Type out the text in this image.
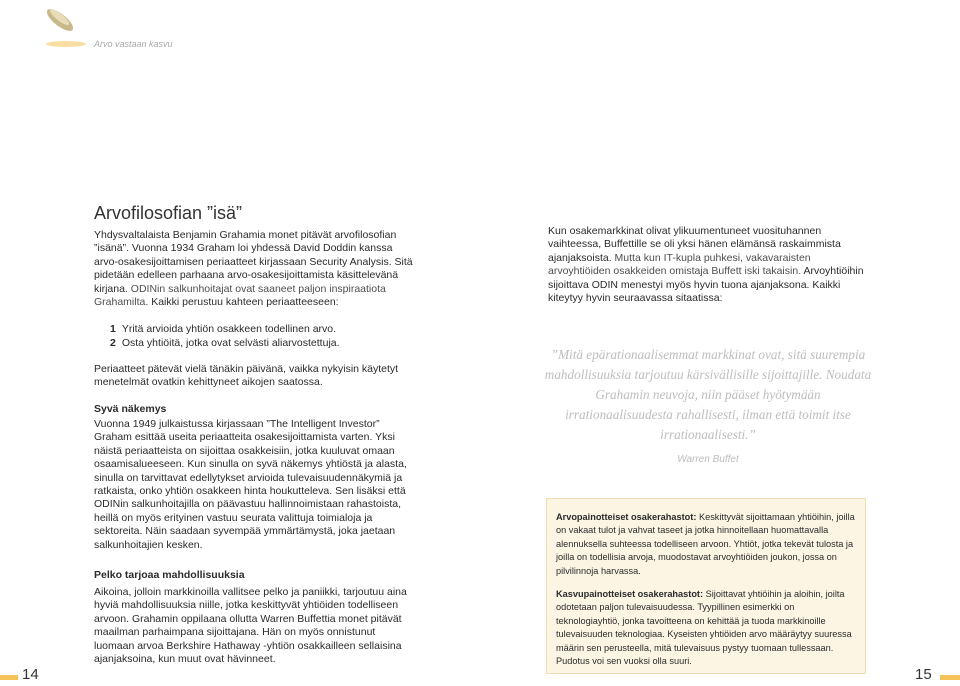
Arvo vastaan kasvu
Arvofilosofian ”isä”

Yhdysvaltalaista Benjamin Grahamia monet pitävät arvofilosofian ”isänä”. Vuonna 1934 Graham loi yhdessä David Doddin kanssa arvo-osakesijoittamisen periaatteet kirjassaan Security Analysis. Sitä pidetään edelleen parhaana arvo-osakesijoittamista käsittelevänä kirjana. ODINin salkunhoitajat ovat saaneet paljon inspiraatiota Grahamilta. Kaikki perustuu kahteen periaatteeseen:

1 Yritä arvioida yhtiön osakkeen todellinen arvo.
2 Osta yhtiöitä, jotka ovat selvästi aliarvostettuja.

Periaatteet pätevät vielä tänäkin päivänä, vaikka nykyisin käytetyt menetelmät ovatkin kehittyneet aikojen saatossa.

Syvä näkemys

Vuonna 1949 julkaistussa kirjassaan ”The Intelligent Investor” Graham esittää useita periaatteita osakesijoittamista varten. Yksi näistä periaatteista on sijoittaa osakkeisiin, jotka kuuluvat omaan osaamisalueeseen. Kun sinulla on syvä näkemys yhtiöstä ja alasta, sinulla on tarvittavat edellytykset arvioida tulevaisuudennäkymiä ja ratkaista, onko yhtiön osakkeen hinta houkutteleva. Sen lisäksi että ODINin salkunhoitajilla on päävastuu hallinnoimistaan rahastoista, heillä on myös erityinen vastuu seurata valittuja toimialoja ja sektoreita. Näin saadaan syvempää ymmärtämystä, joka jaetaan salkunhoitajien kesken.

Pelko tarjoaa mahdollisuuksia

Aikoina, jolloin markkinoilla vallitsee pelko ja paniikki, tarjoutuu aina hyviä mahdollisuuksia niille, jotka keskittyvät yhtiöiden todelliseen arvoon. Grahamin oppilaana ollutta Warren Buffettia monet pitävät maailman parhaimpana sijoittajana. Hän on myös onnistunut luomaan arvoa Berkshire Hathaway -yhtiön osakkailleen sellaisina ajanjaksoina, kun muut ovat hävinneet.

Kun osakemarkkinat olivat ylikuumentuneet vuosituhannen vaihteessa, Buffettille se oli yksi hänen elämänsä raskaimmista ajanjaksoista. Mutta kun IT-kupla puhkesi, vakavaraisten arvoyhtiöiden osakkeiden omistaja Buffett iski takaisin. Arvoyhtiöihin sijoittava ODIN menestyi myös hyvin tuona ajanjaksona. Kaikki kiteytyy hyvin seuraavassa sitaatissa:

”Mitä epärationaalisemmat markkinat ovat, sitä suurempia mahdollisuuksia tarjoutuu kärsivällisille sijoittajille. Noudata Grahamin neuvoja, niin pääset hyötymään irrationaalisuudesta rahallisesti, ilman että toimit itse irrationaalisesti.”
Warren Buffet

Arvopainotteiset osakerahastot: Keskittyvät sijoittamaan yhtiöihin, joilla on vakaat tulot ja vahvat taseet ja jotka hinnoitellaan huomattavalla alennuksella suhteessa todelliseen arvoon. Yhtiöt, jotka tekevät tulosta ja joilla on todellisia arvoja, muodostavat arvoyhtiöiden joukon, jossa on pilvilinnoja harvassa.

Kasvupainotteiset osakerahastot: Sijoittavat yhtiöihin ja aloihin, joilta odotetaan paljon tulevaisuudessa. Tyypillinen esimerkki on teknologiayhtiö, jonka tavoitteena on kehittää ja tuoda markkinoille tulevaisuuden teknologiaa. Kyseisten yhtiöiden arvo määräytyy suuressa määrin sen perusteella, mitä tulevaisuus pystyy tuomaan tullessaan. Pudotus voi sen vuoksi olla suuri.

14	15
